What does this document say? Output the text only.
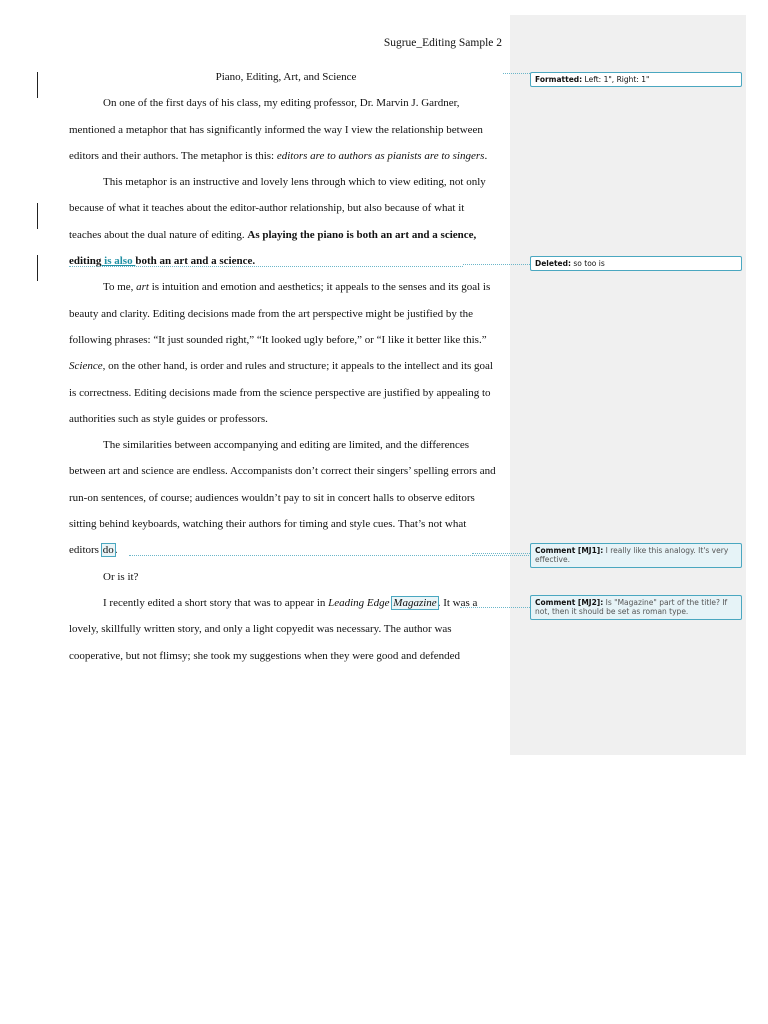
Sugrue_Editing Sample 2
Piano, Editing, Art, and Science
On one of the first days of his class, my editing professor, Dr. Marvin J. Gardner,
mentioned a metaphor that has significantly informed the way I view the relationship between
editors and their authors. The metaphor is this: editors are to authors as pianists are to singers.
This metaphor is an instructive and lovely lens through which to view editing, not only
because of what it teaches about the editor-author relationship, but also because of what it
teaches about the dual nature of editing. As playing the piano is both an art and a science,
editing is also both an art and a science.
To me, art is intuition and emotion and aesthetics; it appeals to the senses and its goal is
beauty and clarity. Editing decisions made from the art perspective might be justified by the
following phrases: “It just sounded right,” “It looked ugly before,” or “I like it better like this.”
Science, on the other hand, is order and rules and structure; it appeals to the intellect and its goal
is correctness. Editing decisions made from the science perspective are justified by appealing to
authorities such as style guides or professors.
The similarities between accompanying and editing are limited, and the differences
between art and science are endless. Accompanists don’t correct their singers’ spelling errors and
run-on sentences, of course; audiences wouldn’t pay to sit in concert halls to observe editors
sitting behind keyboards, watching their authors for timing and style cues. That’s not what
editors do.
Or is it?
I recently edited a short story that was to appear in Leading Edge Magazine. It was a
lovely, skillfully written story, and only a light copyedit was necessary. The author was
cooperative, but not flimsy; she took my suggestions when they were good and defended
Formatted: Left: 1", Right: 1"
Deleted: so too is
Comment [MJ1]: I really like this analogy. It's very effective.
Comment [MJ2]: Is "Magazine" part of the title? If not, then it should be set as roman type.
